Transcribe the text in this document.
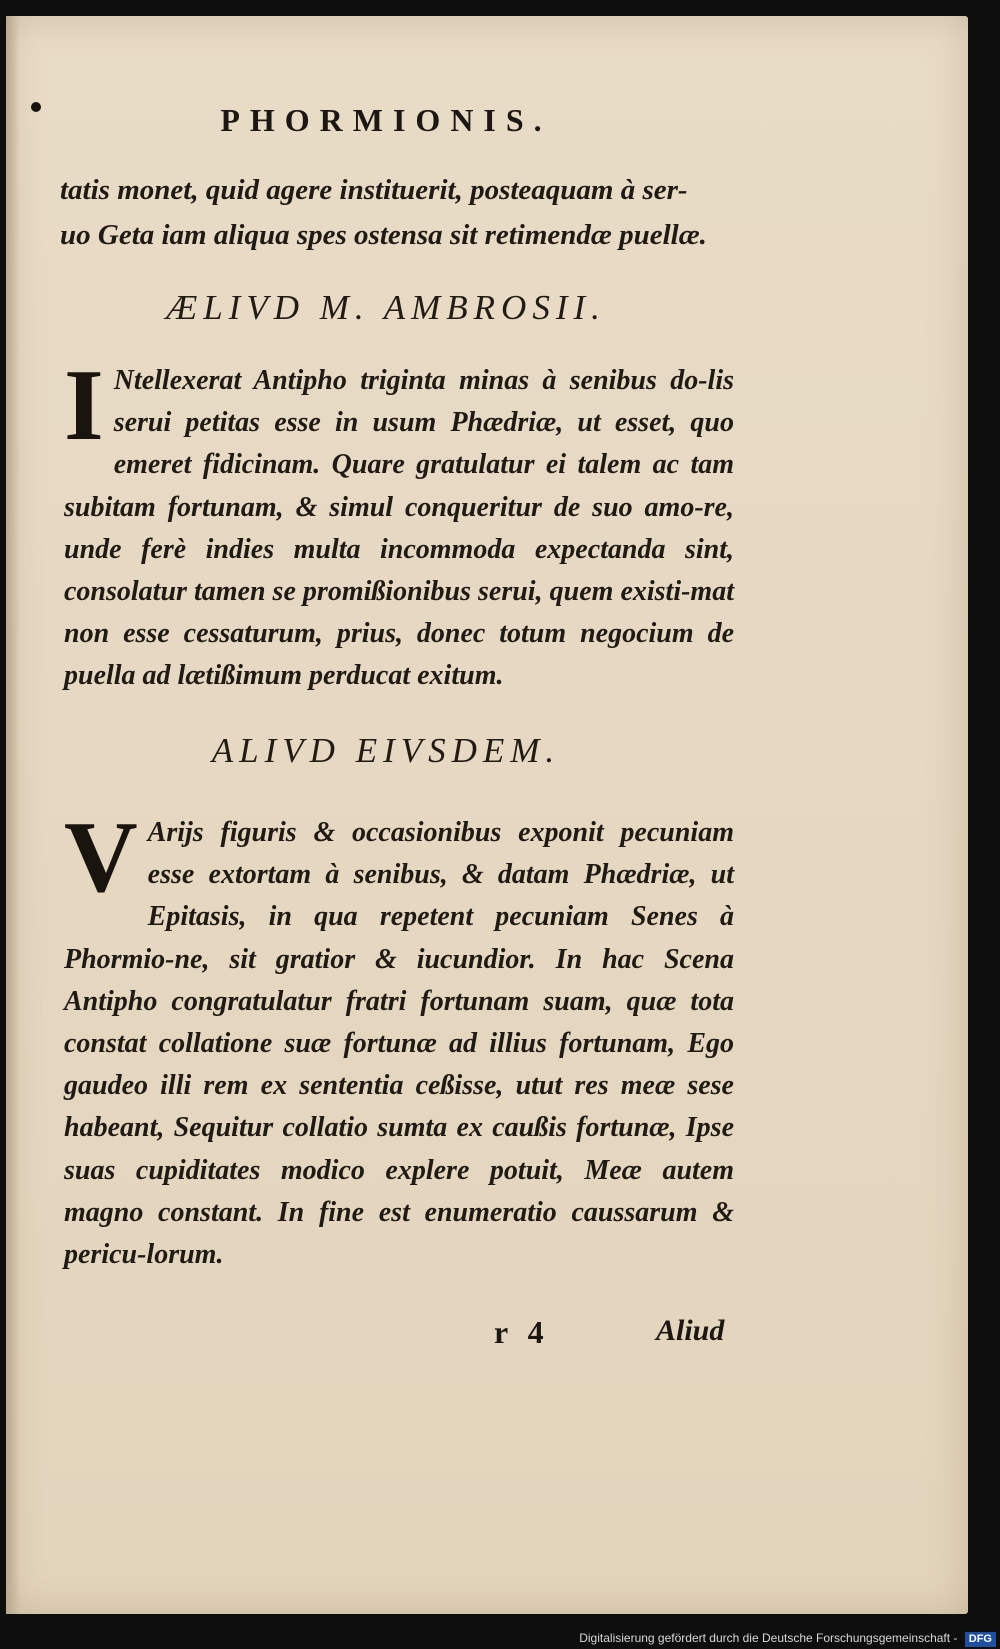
PHORMIONIS.
tatis monet, quid agere instituerit, posteaquam à ser-
uo Geta iam aliqua spes ostensa sit retimendæ puellæ.
ÆLIVD M. AMBROSII.
I Ntellexerat Antipho triginta minas à senibus do-lis serui petitas esse in usum Phædriæ, ut esset, quo emeret fidicinam. Quare gratulatur ei talem ac tam subitam fortunam, & simul conqueritur de suo amo-re, unde ferè indies multa incommoda expectanda sint, consolatur tamen se promißionibus serui, quem existi-mat non esse cessaturum, prius, donec totum negocium de puella ad lætißimum perducat exitum.
ALIVD EIVSDEM.
V Arijs figuris & occasionibus exponit pecuniam esse extortam à senibus, & datam Phædriæ, ut Epitasis, in qua repetent pecuniam Senes à Phormio-ne, sit gratior & iucundior. In hac Scena Antipho congratulatur fratri fortunam suam, quæ tota constat collatione suæ fortunæ ad illius fortunam, Ego gaudeo illi rem ex sententia ceßisse, utut res meæ sese habeant, Sequitur collatio sumta ex caußis fortunæ, Ipse suas cupiditates modico explere potuit, Meæ autem magno constant. In fine est enumeratio caussarum & pericu-lorum.
r 4	Aliud
Digitalisierung gefördert durch die Deutsche Forschungsgemeinschaft - DFG
